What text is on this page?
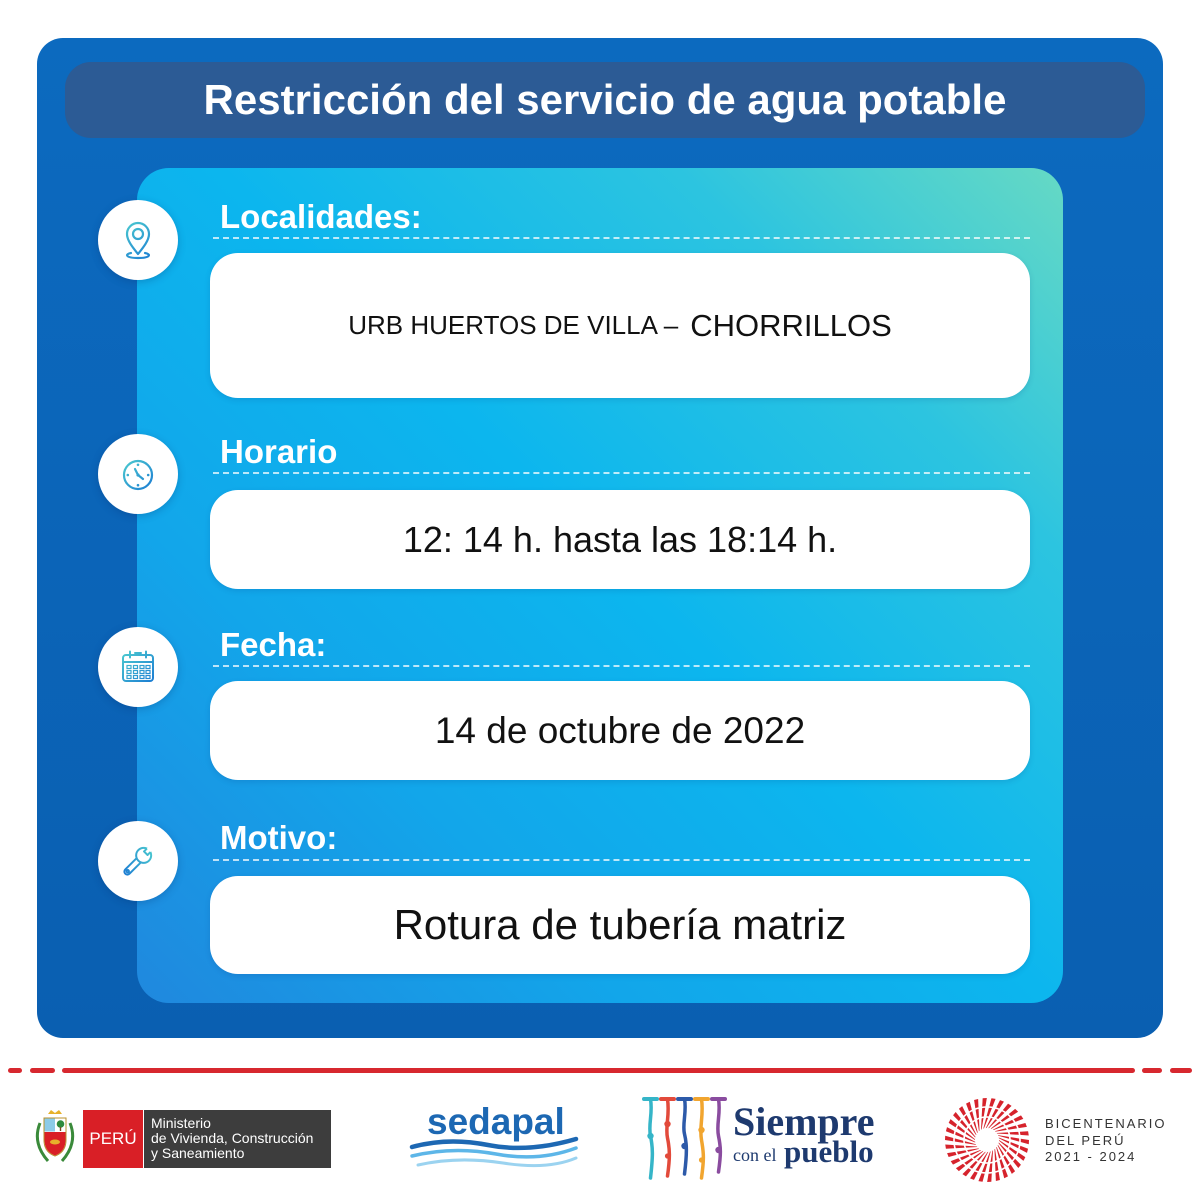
Restricción del servicio de agua potable
Localidades:
URB HUERTOS DE VILLA – CHORRILLOS
Horario
12: 14 h. hasta las 18:14 h.
Fecha:
14 de octubre de 2022
Motivo:
Rotura de tubería matriz
PERÚ
Ministerio
de Vivienda, Construcción
y Saneamiento
sedapal	Siempre
con el pueblo
BICENTENARIO
DEL PERÚ
2021 - 2024
